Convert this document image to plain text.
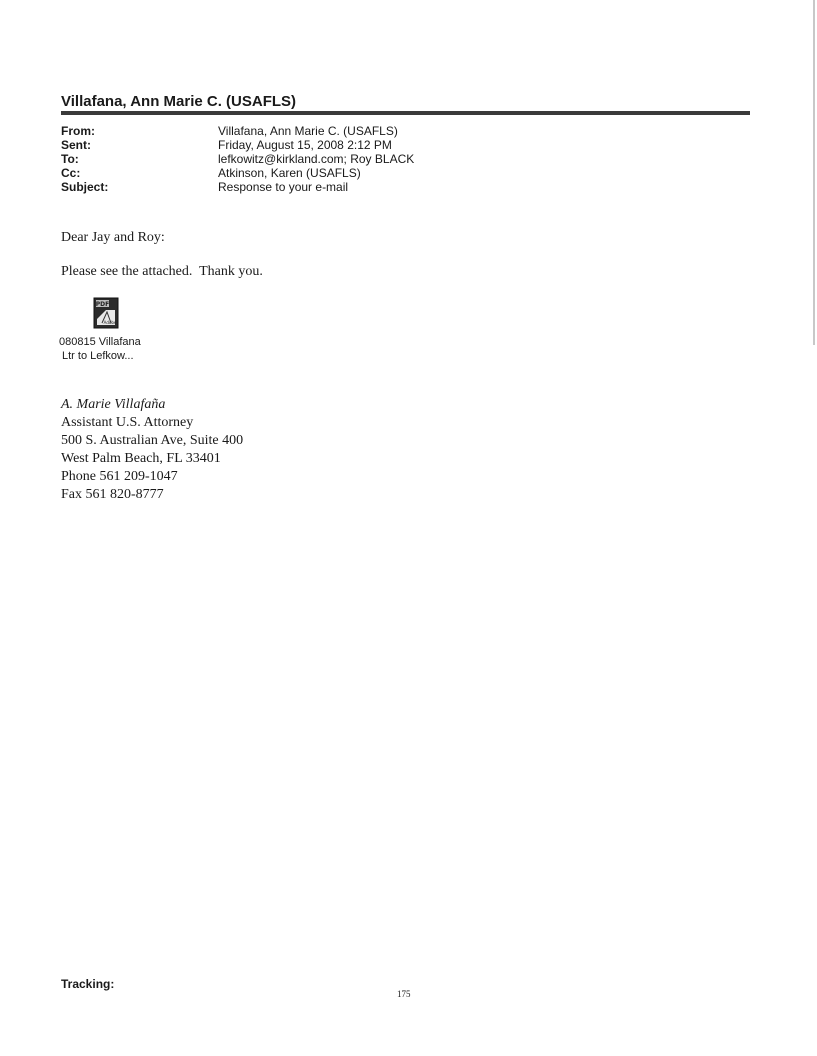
Villafana, Ann Marie C. (USAFLS)
From:	Villafana, Ann Marie C. (USAFLS)
Sent:	Friday, August 15, 2008 2:12 PM
To:	lefkowitz@kirkland.com; Roy BLACK
Cc:	Atkinson, Karen (USAFLS)
Subject:	Response to your e-mail
Dear Jay and Roy:
Please see the attached.  Thank you.
PDF
Adobe
080815 Villafana
Ltr to Lefkow...
A. Marie Villafaña
Assistant U.S. Attorney
500 S. Australian Ave, Suite 400
West Palm Beach, FL 33401
Phone 561 209-1047
Fax 561 820-8777
Tracking:
175
